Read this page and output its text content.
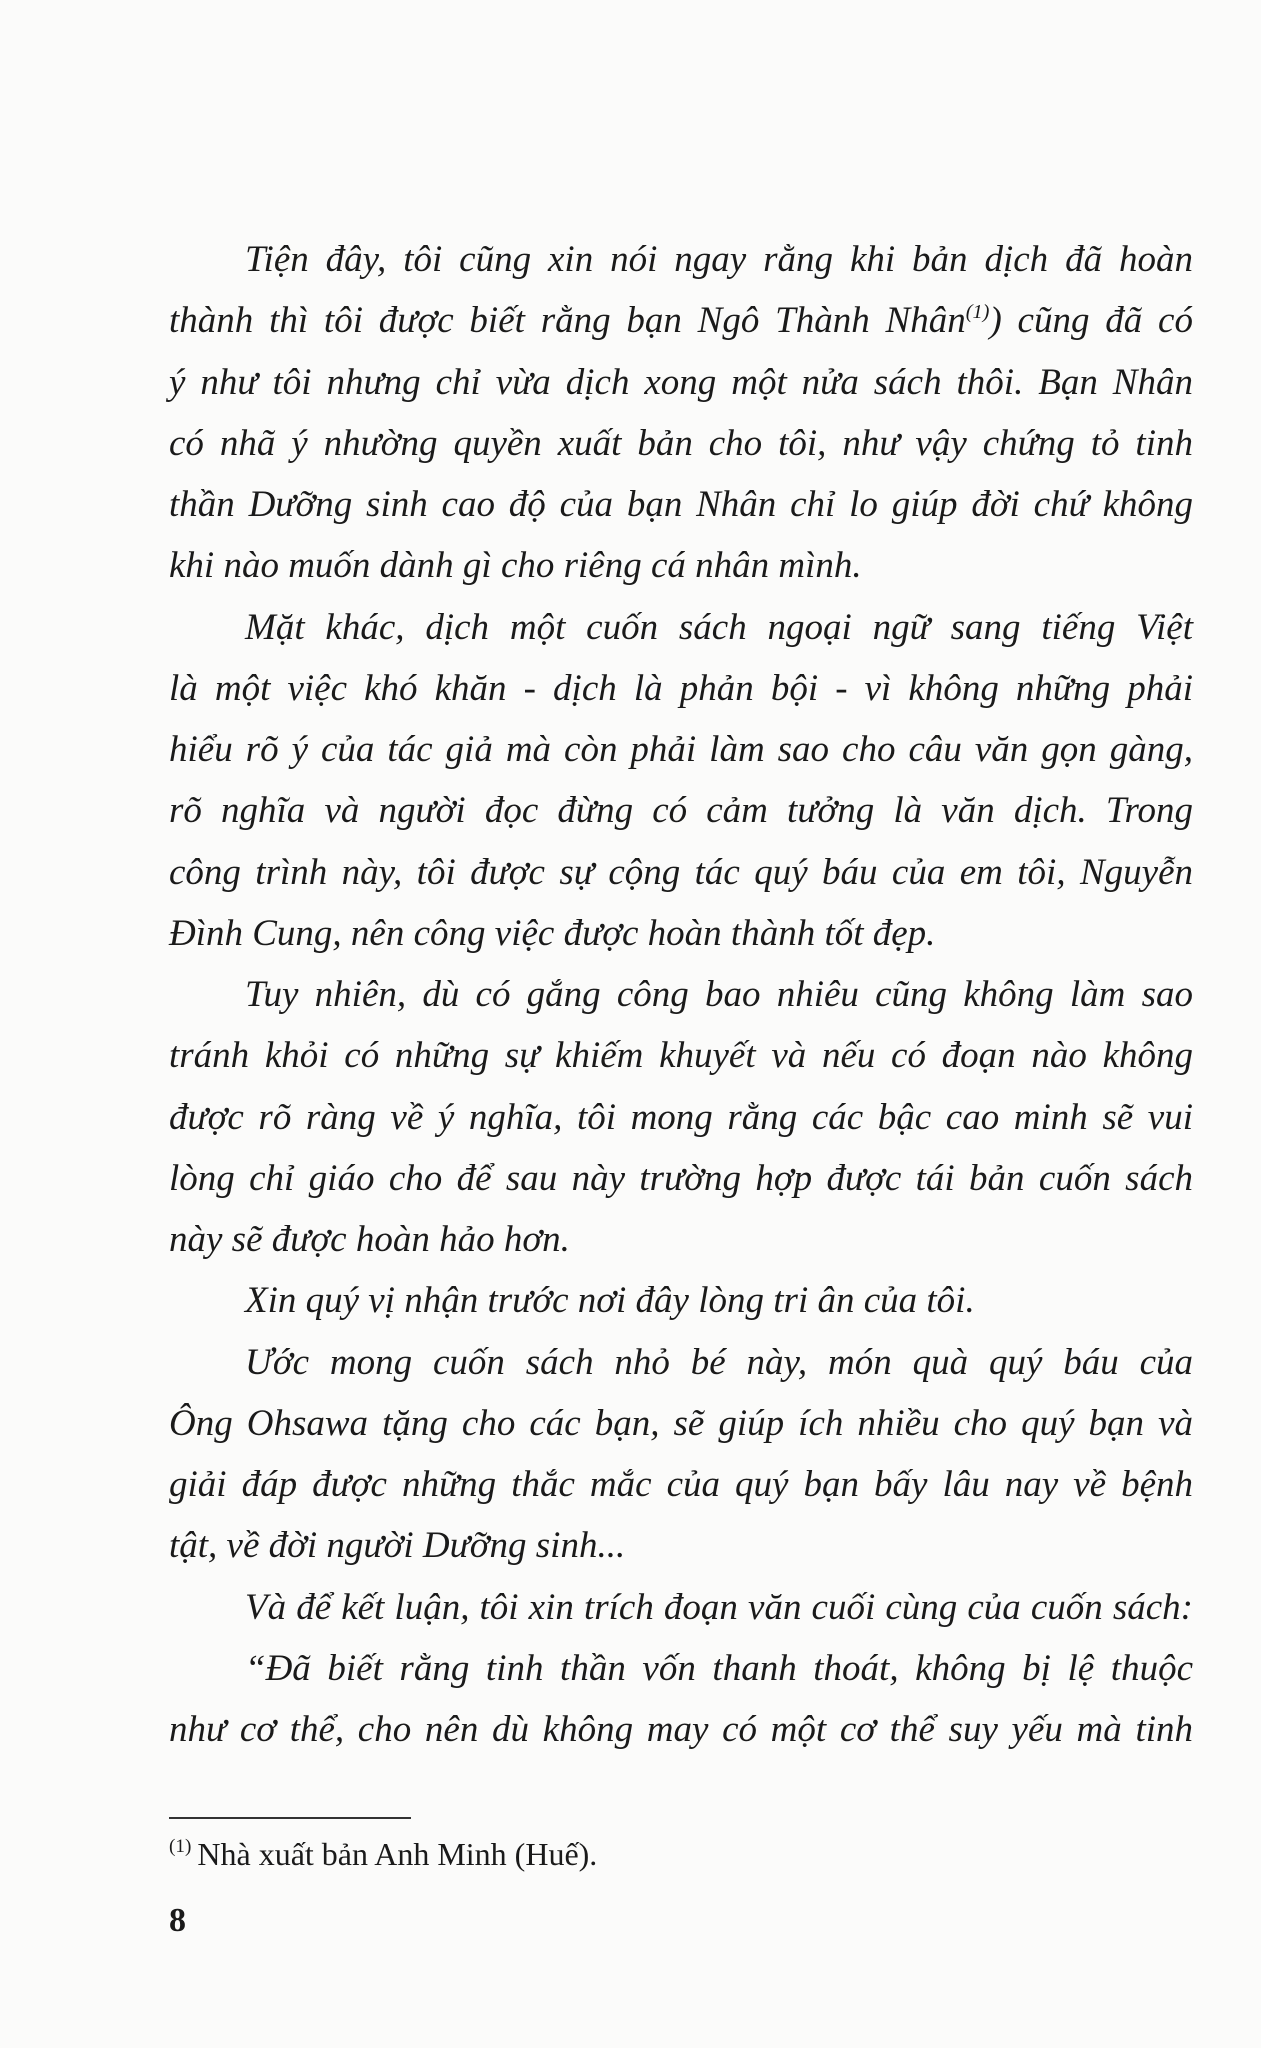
Tiện đây, tôi cũng xin nói ngay rằng khi bản dịch đã hoàn
thành thì tôi được biết rằng bạn Ngô Thành Nhân$^{(1)}$) cũng đã có
ý như tôi nhưng chỉ vừa dịch xong một nửa sách thôi. Bạn Nhân
có nhã ý nhường quyền xuất bản cho tôi, như vậy chứng tỏ tinh
thần Dưỡng sinh cao độ của bạn Nhân chỉ lo giúp đời chứ không
khi nào muốn dành gì cho riêng cá nhân mình.
Mặt khác, dịch một cuốn sách ngoại ngữ sang tiếng Việt
là một việc khó khăn - dịch là phản bội - vì không những phải
hiểu rõ ý của tác giả mà còn phải làm sao cho câu văn gọn gàng,
rõ nghĩa và người đọc đừng có cảm tưởng là văn dịch. Trong
công trình này, tôi được sự cộng tác quý báu của em tôi, Nguyễn
Đình Cung, nên công việc được hoàn thành tốt đẹp.
Tuy nhiên, dù có gắng công bao nhiêu cũng không làm sao
tránh khỏi có những sự khiếm khuyết và nếu có đoạn nào không
được rõ ràng về ý nghĩa, tôi mong rằng các bậc cao minh sẽ vui
lòng chỉ giáo cho để sau này trường hợp được tái bản cuốn sách
này sẽ được hoàn hảo hơn.
Xin quý vị nhận trước nơi đây lòng tri ân của tôi.
Ước mong cuốn sách nhỏ bé này, món quà quý báu của
Ông Ohsawa tặng cho các bạn, sẽ giúp ích nhiều cho quý bạn và
giải đáp được những thắc mắc của quý bạn bấy lâu nay về bệnh
tật, về đời người Dưỡng sinh...
Và để kết luận, tôi xin trích đoạn văn cuối cùng của cuốn sách:
“Đã biết rằng tinh thần vốn thanh thoát, không bị lệ thuộc
như cơ thể, cho nên dù không may có một cơ thể suy yếu mà tinh
$^{(1)}$ Nhà xuất bản Anh Minh (Huế).
8
